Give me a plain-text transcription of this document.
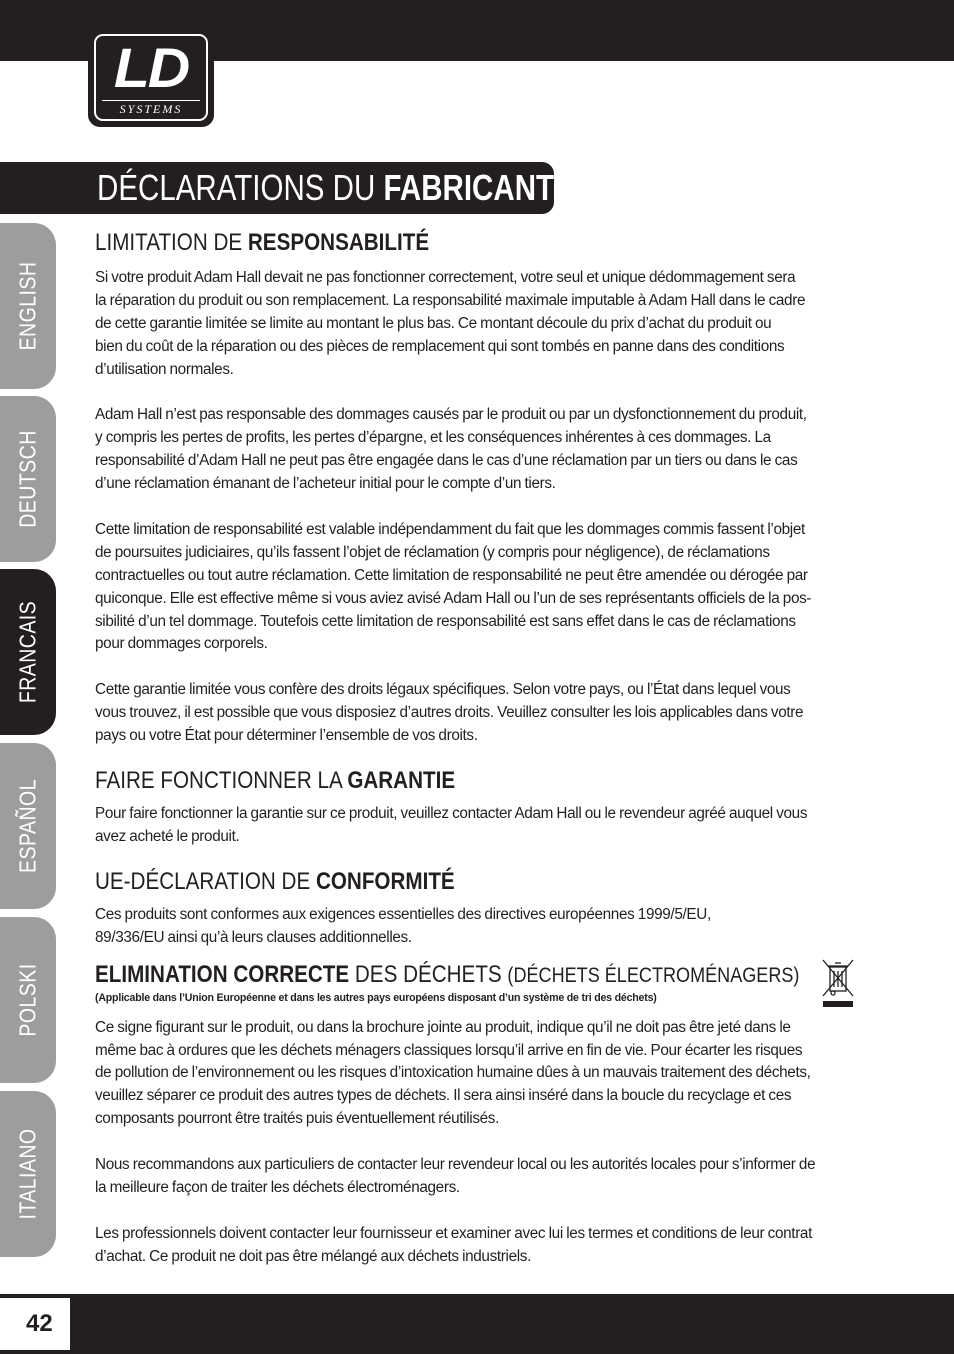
LD
SYSTEMS
DÉCLARATIONS DU FABRICANT :
ENGLISH
DEUTSCH
FRANCAIS
ESPAÑOL
POLSKI
ITALIANO
LIMITATION DE RESPONSABILITÉ

Si votre produit Adam Hall devait ne pas fonctionner correctement, votre seul et unique dédommagement sera
la réparation du produit ou son remplacement. La responsabilité maximale imputable à Adam Hall dans le cadre
de cette garantie limitée se limite au montant le plus bas. Ce montant découle du prix d’achat du produit ou
bien du coût de la réparation ou des pièces de remplacement qui sont tombés en panne dans des conditions
d’utilisation normales.

Adam Hall n’est pas responsable des dommages causés par le produit ou par un dysfonctionnement du produit,
y compris les pertes de profits, les pertes d’épargne, et les conséquences inhérentes à ces dommages. La
responsabilité d’Adam Hall ne peut pas être engagée dans le cas d’une réclamation par un tiers ou dans le cas
d’une réclamation émanant de l’acheteur initial pour le compte d’un tiers.

Cette limitation de responsabilité est valable indépendamment du fait que les dommages commis fassent l’objet
de poursuites judiciaires, qu’ils fassent l’objet de réclamation (y compris pour négligence), de réclamations
contractuelles ou tout autre réclamation. Cette limitation de responsabilité ne peut être amendée ou dérogée par
quiconque. Elle est effective même si vous aviez avisé Adam Hall ou l’un de ses représentants officiels de la pos-
sibilité d’un tel dommage. Toutefois cette limitation de responsabilité est sans effet dans le cas de réclamations
pour dommages corporels.

Cette garantie limitée vous confère des droits légaux spécifiques. Selon votre pays, ou l’État dans lequel vous
vous trouvez, il est possible que vous disposiez d’autres droits. Veuillez consulter les lois applicables dans votre
pays ou votre État pour déterminer l’ensemble de vos droits.

FAIRE FONCTIONNER LA GARANTIE

Pour faire fonctionner la garantie sur ce produit, veuillez contacter Adam Hall ou le revendeur agréé auquel vous
avez acheté le produit.

UE-DÉCLARATION DE CONFORMITÉ

Ces produits sont conformes aux exigences essentielles des directives européennes 1999/5/EU,
89/336/EU ainsi qu’à leurs clauses additionnelles.

ELIMINATION CORRECTE DES DÉCHETS (DÉCHETS ÉLECTROMÉNAGERS)
(Applicable dans l’Union Européenne et dans les autres pays européens disposant d’un système de tri des déchets)

Ce signe figurant sur le produit, ou dans la brochure jointe au produit, indique qu’il ne doit pas être jeté dans le
même bac à ordures que les déchets ménagers classiques lorsqu’il arrive en fin de vie. Pour écarter les risques
de pollution de l’environnement ou les risques d’intoxication humaine dûes à un mauvais traitement des déchets,
veuillez séparer ce produit des autres types de déchets. Il sera ainsi inséré dans la boucle du recyclage et ces
composants pourront être traités puis éventuellement réutilisés.

Nous recommandons aux particuliers de contacter leur revendeur local ou les autorités locales pour s’informer de
la meilleure façon de traiter les déchets électroménagers.

Les professionnels doivent contacter leur fournisseur et examiner avec lui les termes et conditions de leur contrat
d’achat. Ce produit ne doit pas être mélangé aux déchets industriels.

42
